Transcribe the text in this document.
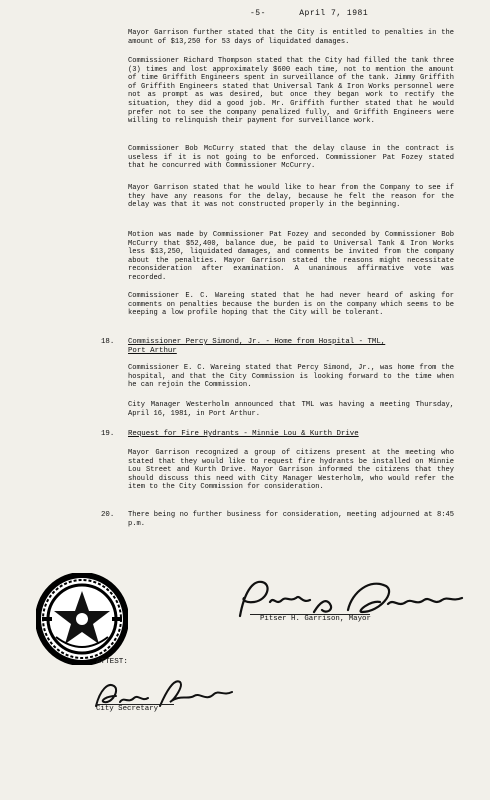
-5-	April 7, 1981

Mayor Garrison further stated that the City is entitled to penalties in the amount of $13,250 for 53 days of liquidated damages.

Commissioner Richard Thompson stated that the City had filled the tank three (3) times and lost approximately $600 each time, not to mention the amount of time Griffith Engineers spent in surveillance of the tank. Jimmy Griffith of Griffith Engineers stated that Universal Tank & Iron Works personnel were not as prompt as was desired, but once they began work to rectify the situation, they did a good job. Mr. Griffith further stated that he would prefer not to see the company penalized fully, and Griffith Engineers were willing to relinquish their payment for surveillance work.

Commissioner Bob McCurry stated that the delay clause in the contract is useless if it is not going to be enforced. Commissioner Pat Fozey stated that he concurred with Commissioner McCurry.

Mayor Garrison stated that he would like to hear from the Company to see if they have any reasons for the delay, because he felt the reason for the delay was that it was not constructed properly in the beginning.

Motion was made by Commissioner Pat Fozey and seconded by Commissioner Bob McCurry that $52,400, balance due, be paid to Universal Tank & Iron Works less $13,250, liquidated damages, and comments be invited from the company about the penalties. Mayor Garrison stated the reasons might necessitate reconsideration after examination. A unanimous affirmative vote was recorded.

Commissioner E. C. Wareing stated that he had never heard of asking for comments on penalties because the burden is on the company which seems to be keeping a low profile hoping that the City will be tolerant.

18. Commissioner Percy Simond, Jr. - Home from Hospital - TML,
Port Arthur

Commissioner E. C. Wareing stated that Percy Simond, Jr., was home from the hospital, and that the City Commission is looking forward to the time when he can rejoin the Commission.

City Manager Westerholm announced that TML was having a meeting Thursday, April 16, 1981, in Port Arthur.

19. Request for Fire Hydrants - Minnie Lou & Kurth Drive

Mayor Garrison recognized a group of citizens present at the meeting who stated that they would like to request fire hydrants be installed on Minnie Lou Street and Kurth Drive. Mayor Garrison informed the citizens that they should discuss this need with City Manager Westerholm, who would refer the item to the City Commission for consideration.

20. There being no further business for consideration, meeting adjourned at 8:45 p.m.

Pitser H. Garrison, Mayor
ATTEST:
City Secretary
